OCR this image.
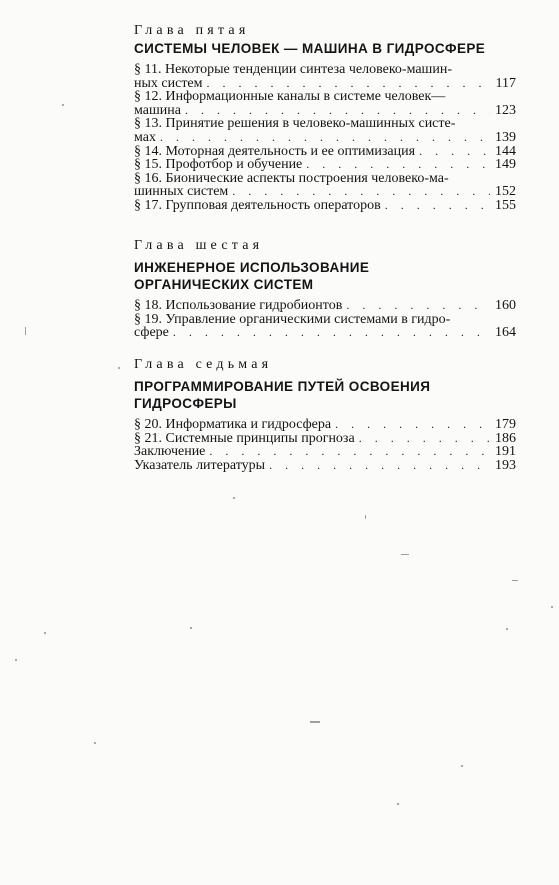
Глава пятая
СИСТЕМЫ ЧЕЛОВЕК — МАШИНА В ГИДРОСФЕРЕ
§ 11. Некоторые тенденции синтеза человеко-машин-
ных систем . . .	117
§ 12. Информационные каналы в системе человек—
машина . . .	123
§ 13. Принятие решения в человеко-машинных систе-
мах . . .	139
§ 14. Моторная деятельность и ее оптимизация . . .	144
§ 15. Профотбор и обучение . . .	149
§ 16. Бионические аспекты построения человеко-ма-
шинных систем . . .	152
§ 17. Групповая деятельность операторов . . .	155
Глава шестая
ИНЖЕНЕРНОЕ ИСПОЛЬЗОВАНИЕ
ОРГАНИЧЕСКИХ СИСТЕМ
§ 18. Использование гидробионтов . . .	160
§ 19. Управление органическими системами в гидро-
сфере . . .	164
Глава седьмая
ПРОГРАММИРОВАНИЕ ПУТЕЙ ОСВОЕНИЯ
ГИДРОСФЕРЫ
§ 20. Информатика и гидросфера . . .	179
§ 21. Системные принципы прогноза . . .	186
Заключение . . .	191
Указатель литературы . . .	193
